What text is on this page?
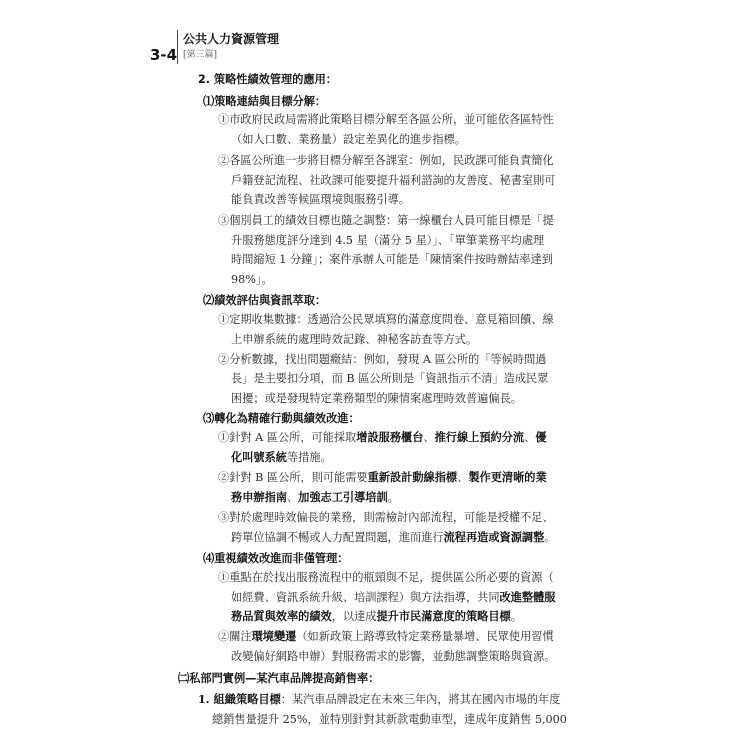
3-4
公共人力資源管理
[第三篇]
2. 策略性績效管理的應用：
⑴策略連結與目標分解：
①市政府民政局需將此策略目標分解至各區公所，並可能依各區特性
（如人口數、業務量）設定差異化的進步指標。
②各區公所進一步將目標分解至各課室：例如，民政課可能負責簡化
戶籍登記流程、社政課可能要提升福利諮詢的友善度、秘書室則可
能負責改善等候區環境與服務引導。
③個別員工的績效目標也隨之調整：第一線櫃台人員可能目標是「提
升服務態度評分達到 4.5 星（滿分 5 星）」、「單筆業務平均處理
時間縮短 1 分鐘」；案件承辦人可能是「陳情案件按時辦結率達到
98%」。
⑵績效評估與資訊萃取：
①定期收集數據：透過洽公民眾填寫的滿意度問卷、意見箱回饋、線
上申辦系統的處理時效記錄、神秘客訪查等方式。
②分析數據，找出問題癥結：例如，發現 A 區公所的「等候時間過
長」是主要扣分項，而 B 區公所則是「資訊指示不清」造成民眾
困擾；或是發現特定業務類型的陳情案處理時效普遍偏長。
⑶轉化為精確行動與績效改進：
①針對 A 區公所，可能採取增設服務櫃台、推行線上預約分流、優
化叫號系統等措施。
②針對 B 區公所，則可能需要重新設計動線指標、製作更清晰的業
務申辦指南、加強志工引導培訓。
③對於處理時效偏長的業務，則需檢討內部流程，可能是授權不足、
跨單位協調不暢或人力配置問題，進而進行流程再造或資源調整。
⑷重視績效改進而非僅管理：
①重點在於找出服務流程中的瓶頸與不足，提供區公所必要的資源（
如經費、資訊系統升級、培訓課程）與方法指導，共同改進整體服
務品質與效率的績效，以達成提升市民滿意度的策略目標。
②關注環境變遷（如新政策上路導致特定業務量暴增、民眾使用習慣
改變偏好網路申辦）對服務需求的影響，並動態調整策略與資源。
㈡私部門實例—某汽車品牌提高銷售率：
1. 組織策略目標：某汽車品牌設定在未來三年內，將其在國內市場的年度
總銷售量提升 25%，並特別針對其新款電動車型，達成年度銷售 5,000
